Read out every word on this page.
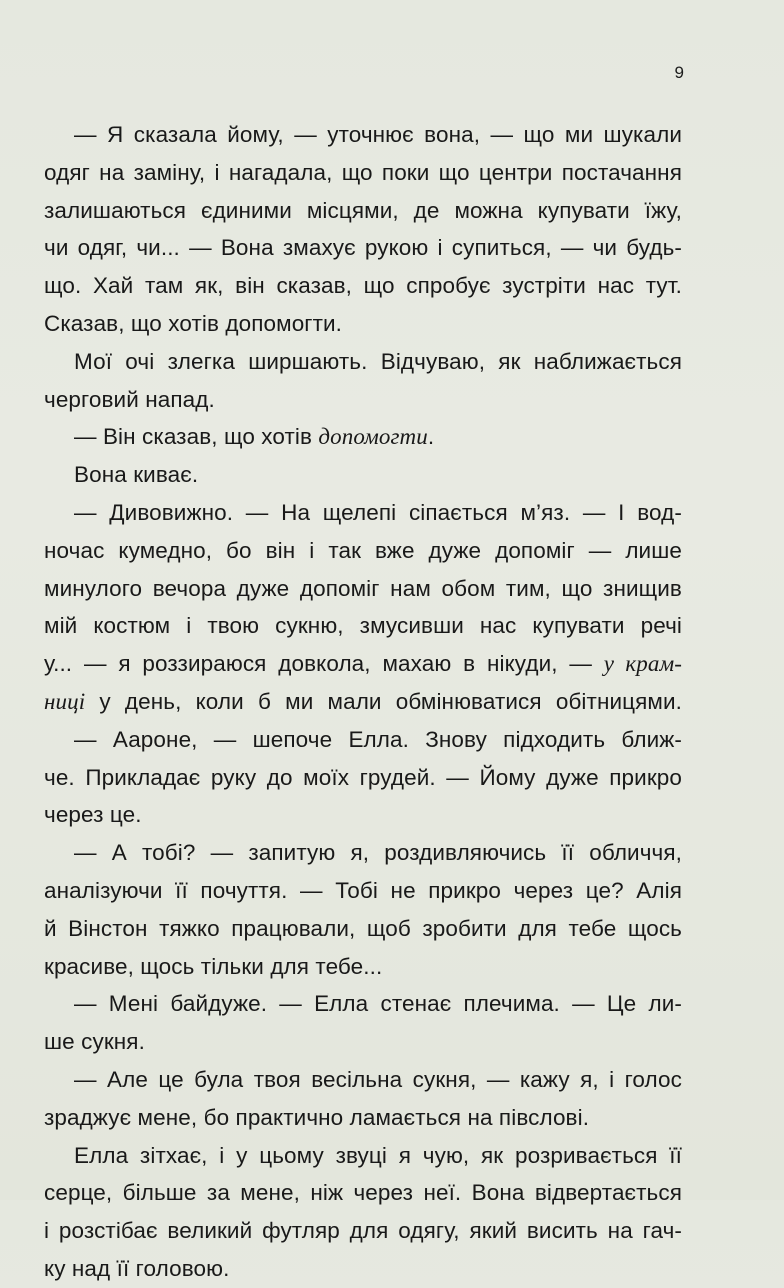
9
— Я сказала йому, — уточнює вона, — що ми шукали
одяг на заміну, і нагадала, що поки що центри постачання
залишаються єдиними місцями, де можна купувати їжу,
чи одяг, чи... — Вона змахує рукою і супиться, — чи будь-
що. Хай там як, він сказав, що спробує зустріти нас тут.
Сказав, що хотів допомогти.
Мої очі злегка ширшають. Відчуваю, як наближається
черговий напад.
— Він сказав, що хотів допомогти.
Вона киває.
— Дивовижно. — На щелепі сіпається м’яз. — І вод-
ночас кумедно, бо він і так вже дуже допоміг — лише
минулого вечора дуже допоміг нам обом тим, що знищив
мій костюм і твою сукню, змусивши нас купувати речі
у... — я роззираюся довкола, махаю в нікуди, — у крам-
ниці у день, коли б ми мали обмінюватися обітницями.
— Аароне, — шепоче Елла. Знову підходить ближ-
че. Прикладає руку до моїх грудей. — Йому дуже прикро
через це.
— А тобі? — запитую я, роздивляючись її обличчя,
аналізуючи її почуття. — Тобі не прикро через це? Алія
й Вінстон тяжко працювали, щоб зробити для тебе щось
красиве, щось тільки для тебе...
— Мені байдуже. — Елла стенає плечима. — Це ли-
ше сукня.
— Але це була твоя весільна сукня, — кажу я, і голос
зраджує мене, бо практично ламається на півслові.
Елла зітхає, і у цьому звуці я чую, як розривається її
серце, більше за мене, ніж через неї. Вона відвертається
і розстібає великий футляр для одягу, який висить на гач-
ку над її головою.
